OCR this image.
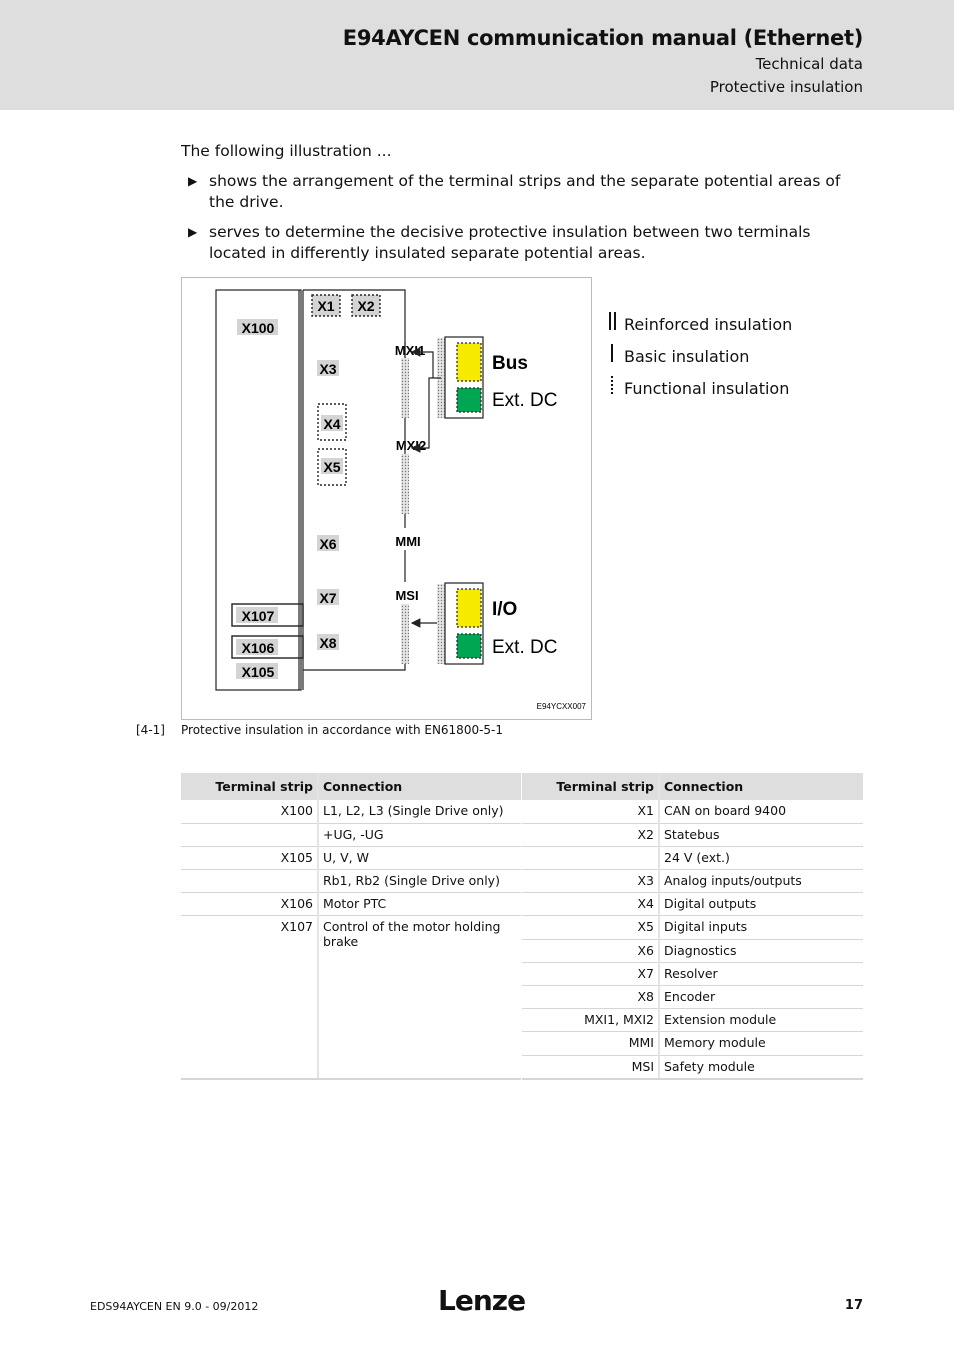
E94AYCEN communication manual (Ethernet)
Technical data
Protective insulation
The following illustration ...
▶ shows the arrangement of the terminal strips and the separate potential areas of the drive.
▶ serves to determine the decisive protective insulation between two terminals located in differently insulated separate potential areas.
X100
X1 X2
X3
X4
X5
X6
X7
X8
X107
X106
X105
MXI1
MXI2
MMI
MSI
Bus
Ext. DC
I/O
Ext. DC
E94YCXX007
Reinforced insulation
Basic insulation
Functional insulation
[4-1] Protective insulation in accordance with EN61800-5-1
Terminal strip	Connection
X100	L1, L2, L3 (Single Drive only)
	+UG, -UG
X105	U, V, W
	Rb1, Rb2 (Single Drive only)
X106	Motor PTC
X107	Control of the motor holding brake
Terminal strip	Connection
X1	CAN on board 9400
X2	Statebus
	24 V (ext.)
X3	Analog inputs/outputs
X4	Digital outputs
X5	Digital inputs
X6	Diagnostics
X7	Resolver
X8	Encoder
MXI1, MXI2	Extension module
MMI	Memory module
MSI	Safety module
EDS94AYCEN EN 9.0 - 09/2012	Lenze	17
